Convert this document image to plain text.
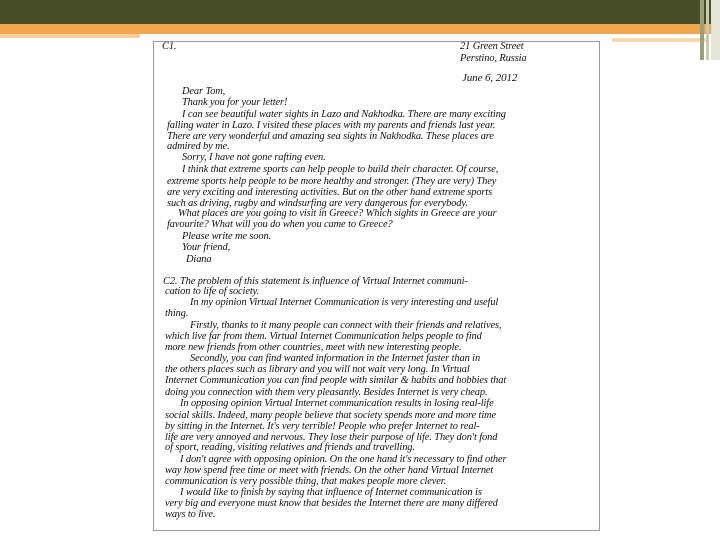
C1.	21 Green Street
Perstino, Russia
June 6, 2012
Dear Tom,
Thank you for your letter!
I can see beautiful water sights in Lazo and Nakhodka. There are many exciting
falling water in Lazo. I visited these places with my parents and friends last year.
There are very wonderful and amazing sea sights in Nakhodka. These places are
admired by me.
Sorry, I have not gone rafting even.
I think that extreme sports can help people to build their character. Of course,
extreme sports help people to be more healthy and stronger. (They are very) They
are very exciting and interesting activities. But on the other hand extreme sports
such as driving, rugby and windsurfing are very dangerous for everybody.
What places are you going to visit in Greece? Which sights in Greece are your
favourite? What will you do when you came to Greece?
Please write me soon.
Your friend,
Diana
C2. The problem of this statement is influence of Virtual Internet communi-
cation to life of society.
In my opinion Virtual Internet Communication is very interesting and useful
thing.
Firstly, thanks to it many people can connect with their friends and relatives,
which live far from them. Virtual Internet Communication helps people to find
more new friends from other countries, meet with new interesting people.
Secondly, you can find wanted information in the Internet faster than in
the others places such as library and you will not wait very long. In Virtual
Internet Communication you can find people with similar & habits and hobbies that
doing you connection with them very pleasantly. Besides Internet is very cheap.
In opposing opinion Virtual Internet communication results in losing real-life
social skills. Indeed, many people believe that society spends more and more time
by sitting in the Internet. It's very terrible! People who prefer Internet to real-
life are very annoyed and nervous. They lose their purpose of life. They don't fond
of sport, reading, visiting relatives and friends and travelling.
I don't agree with opposing opinion. On the one hand it's necessary to find other
way how spend free time or meet with friends. On the other hand Virtual Internet
communication is very possible thing, that makes people more clever.
I would like to finish by saying that influence of Internet communication is
very big and everyone must know that besides the Internet there are many differed
ways to live.
